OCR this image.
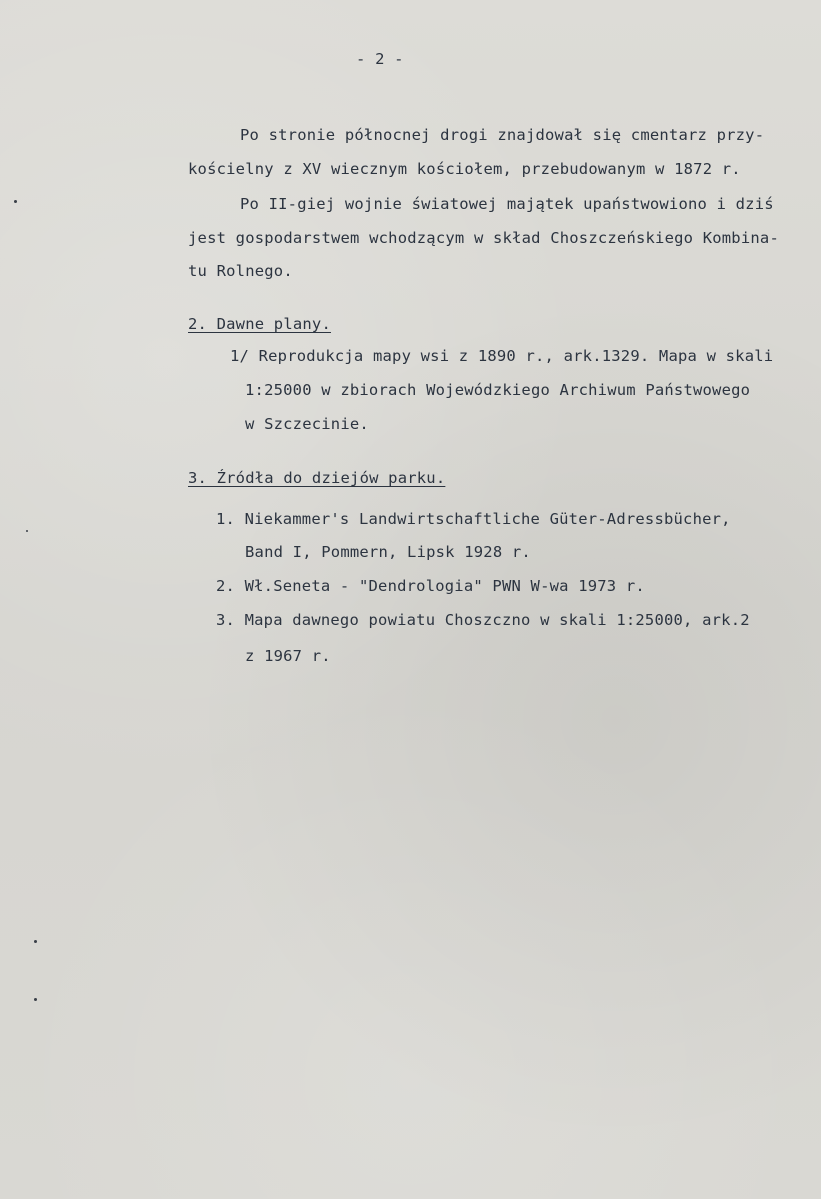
- 2 -
Po stronie północnej drogi znajdował się cmentarz przy-
kościelny z XV wiecznym kościołem, przebudowanym w 1872 r.
Po II-giej wojnie światowej majątek upaństwowiono i dziś
jest gospodarstwem wchodzącym w skład Choszczeńskiego Kombina-
tu Rolnego.
2. Dawne plany.
1/ Reprodukcja mapy wsi z 1890 r., ark.1329. Mapa w skali
1:25000 w zbiorach Wojewódzkiego Archiwum Państwowego
w Szczecinie.
3. Źródła do dziejów parku.
1. Niekammer's Landwirtschaftliche Güter-Adressbücher,
Band I, Pommern, Lipsk 1928 r.
2. Wł.Seneta - "Dendrologia" PWN W-wa 1973 r.
3. Mapa dawnego powiatu Choszczno w skali 1:25000, ark.2
z 1967 r.
